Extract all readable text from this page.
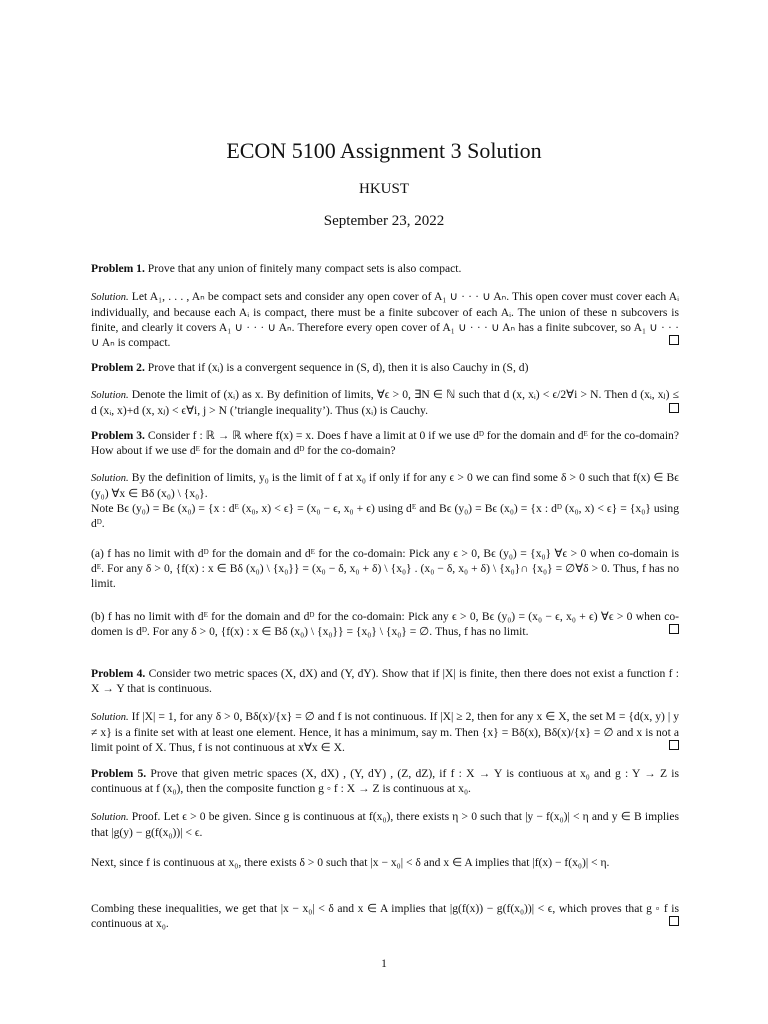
ECON 5100 Assignment 3 Solution
HKUST
September 23, 2022
Problem 1. Prove that any union of finitely many compact sets is also compact.
Solution. Let A₁, . . . , Aₙ be compact sets and consider any open cover of A₁ ∪ · · · ∪ Aₙ. This open cover must cover each Aᵢ individually, and because each Aᵢ is compact, there must be a finite subcover of each Aᵢ. The union of these n subcovers is finite, and clearly it covers A₁ ∪ · · · ∪ Aₙ. Therefore every open cover of A₁ ∪ · · · ∪ Aₙ has a finite subcover, so A₁ ∪ · · · ∪ Aₙ is compact.
Problem 2. Prove that if (xᵢ) is a convergent sequence in (S, d), then it is also Cauchy in (S, d)
Solution. Denote the limit of (xᵢ) as x. By definition of limits, ∀ϵ > 0, ∃N ∈ ℕ such that d (x, xᵢ) < ϵ/2∀i > N. Then d (xᵢ, xⱼ) ≤ d (xᵢ, x)+d (x, xⱼ) < ϵ∀i, j > N (’triangle inequality’). Thus (xᵢ) is Cauchy.
Problem 3. Consider f : ℝ → ℝ where f(x) = x. Does f have a limit at 0 if we use dᴰ for the domain and dᴱ for the co-domain? How about if we use dᴱ for the domain and dᴰ for the co-domain?
Solution. By the definition of limits, y₀ is the limit of f at x₀ if only if for any ϵ > 0 we can find some δ > 0 such that f(x) ∈ Bϵ (y₀) ∀x ∈ Bδ (x₀) \ {x₀}.
Note Bϵ (y₀) = Bϵ (x₀) = {x : dᴱ (x₀, x) < ϵ} = (x₀ − ϵ, x₀ + ϵ) using dᴱ and Bϵ (y₀) = Bϵ (x₀) = {x : dᴰ (x₀, x) < ϵ} = {x₀} using dᴰ.
(a) f has no limit with dᴰ for the domain and dᴱ for the co-domain: Pick any ϵ > 0, Bϵ (y₀) = {x₀} ∀ϵ > 0 when co-domain is dᴱ. For any δ > 0, {f(x) : x ∈ Bδ (x₀) \ {x₀}} = (x₀ − δ, x₀ + δ) \ {x₀} . (x₀ − δ, x₀ + δ) \ {x₀}∩ {x₀} = ∅∀δ > 0. Thus, f has no limit.
(b) f has no limit with dᴱ for the domain and dᴰ for the co-domain: Pick any ϵ > 0, Bϵ (y₀) = (x₀ − ϵ, x₀ + ϵ) ∀ϵ > 0 when co-domen is dᴰ. For any δ > 0, {f(x) : x ∈ Bδ (x₀) \ {x₀}} = {x₀} \ {x₀} = ∅. Thus, f has no limit.
Problem 4. Consider two metric spaces (X, dX) and (Y, dY). Show that if |X| is finite, then there does not exist a function f : X → Y that is continuous.
Solution. If |X| = 1, for any δ > 0, Bδ(x)/{x} = ∅ and f is not continuous. If |X| ≥ 2, then for any x ∈ X, the set M = {d(x, y) | y ≠ x} is a finite set with at least one element. Hence, it has a minimum, say m. Then {x} = Bδ(x), Bδ(x)/{x} = ∅ and x is not a limit point of X. Thus, f is not continuous at x∀x ∈ X.
Problem 5. Prove that given metric spaces (X, dX) , (Y, dY) , (Z, dZ), if f : X → Y is contiuous at x₀ and g : Y → Z is continuous at f (x₀), then the composite function g ◦ f : X → Z is continuous at x₀.
Solution. Proof. Let ϵ > 0 be given. Since g is continuous at f(x₀), there exists η > 0 such that |y − f(x₀)| < η and y ∈ B implies that |g(y) − g(f(x₀))| < ϵ.
Next, since f is continuous at x₀, there exists δ > 0 such that |x − x₀| < δ and x ∈ A implies that |f(x) − f(x₀)| < η.
Combing these inequalities, we get that |x − x₀| < δ and x ∈ A implies that |g(f(x)) − g(f(x₀))| < ϵ, which proves that g ◦ f is continuous at x₀.
1
